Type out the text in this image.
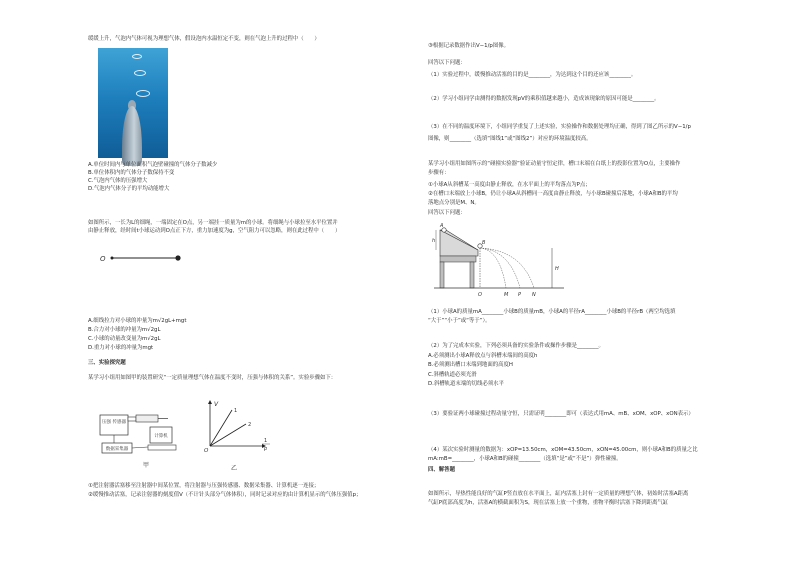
缓缓上升，气泡内气体可视为理想气体，假设泡内水温恒定不变，则在气泡上升的过程中（　　）
A.单位时间内与单位面积气泡壁碰撞的气体分子数减少
B.单位体积内的气体分子数保持不变
C.气泡内气体的压强增大
D.气泡内气体分子的平均动能增大
如图所示，一长为L的细绳，一端固定在O点，另一端挂一质量为m的小球。将细绳与小球拉至水平位置并
由静止释放，经时间t小球运动到O点正下方，重力加速度为g，空气阻力可以忽略，则在此过程中（　　）
O
A.细线拉力对小球的冲量为m√2gL+mgt
B.合力对小球的冲量为m√2gL
C.小球的动量改变量为m√2gL
D.重力对小球的冲量为mgt
三、实验探究题
某学习小组用如图甲的装置研究“一定质量理想气体在温度不变时，压强与体积的关系”。实验步骤如下：
压强 传感器
数据采集器
计算机
甲
V
1
2
O
1
p
乙
①把注射器活塞移至注射器中间某位置，将注射器与压强传感器、数据采集器、计算机逐一连接；
②缓慢推动活塞，记录注射器的刻度值V（不计针头部分气体体积），同时记录对应的由计算机显示的气体压强值p；
③根据记录数据作出V−1/p图像。
回答以下问题：
（1）实验过程中，缓慢推动活塞的目的是________，为达到这个目的还应该________。
（2）学习小组同学由测得的数据发现pV的乘积值越来越小，造成该现象的原因可能是________。
（3）在不同的温度环境下，小组同学重复了上述实验，实验操作和数据处理均正确，得到了图乙所示的V−1/p
图像，则________（选填“图线1”或“图线2”）对应的环境温度较高。
某学习小组用如图所示的“碰撞实验器”验证动量守恒定律，槽口末端在白纸上的投影位置为O点，主要操作
步骤有：
①小球A从斜槽某一高度由静止释放，在水平面上的平均落点为P点；
②在槽口末端放上小球B，仍让小球A从斜槽同一高度由静止释放，与小球B碰撞后落地，小球A和B的平均
落地点分别是M、N。
回答以下问题：
A
B
h
H
O	M P N
（1）小球A的质量mA________小球B的质量mB，小球A的半径rA________小球B的半径rB（两空均选填
“大于”“小于”或“等于”）。
（2）为了完成本实验，下列必须具备的实验条件或操作步骤是________。
A.必须测出小球A释放点与斜槽末端间的高度h
B.必须测出槽口末端到地面的高度H
C.斜槽轨道必须光滑
D.斜槽轨道末端的切线必须水平
（3）要验证两小球碰撞过程动量守恒，只需证明________即可（表达式用mA、mB、xOM、xOP、xON表示）
（4）某次实验时测量的数据为：xOP=13.50cm，xOM=43.50cm，xON=45.00cm，则小球A和B的质量之比
mA:mB=________，小球A和B的碰撞________（选填“是”或“不是”）弹性碰撞。
四、解答题
如图所示，导热性能良好的气缸P竖直放在水平面上，缸内活塞上封有一定质量的理想气体，初始时活塞A距离
气缸P底部高度为h，活塞A的横截面积为S，现在活塞上放一个重物，重物平衡时活塞下降到距离气缸
